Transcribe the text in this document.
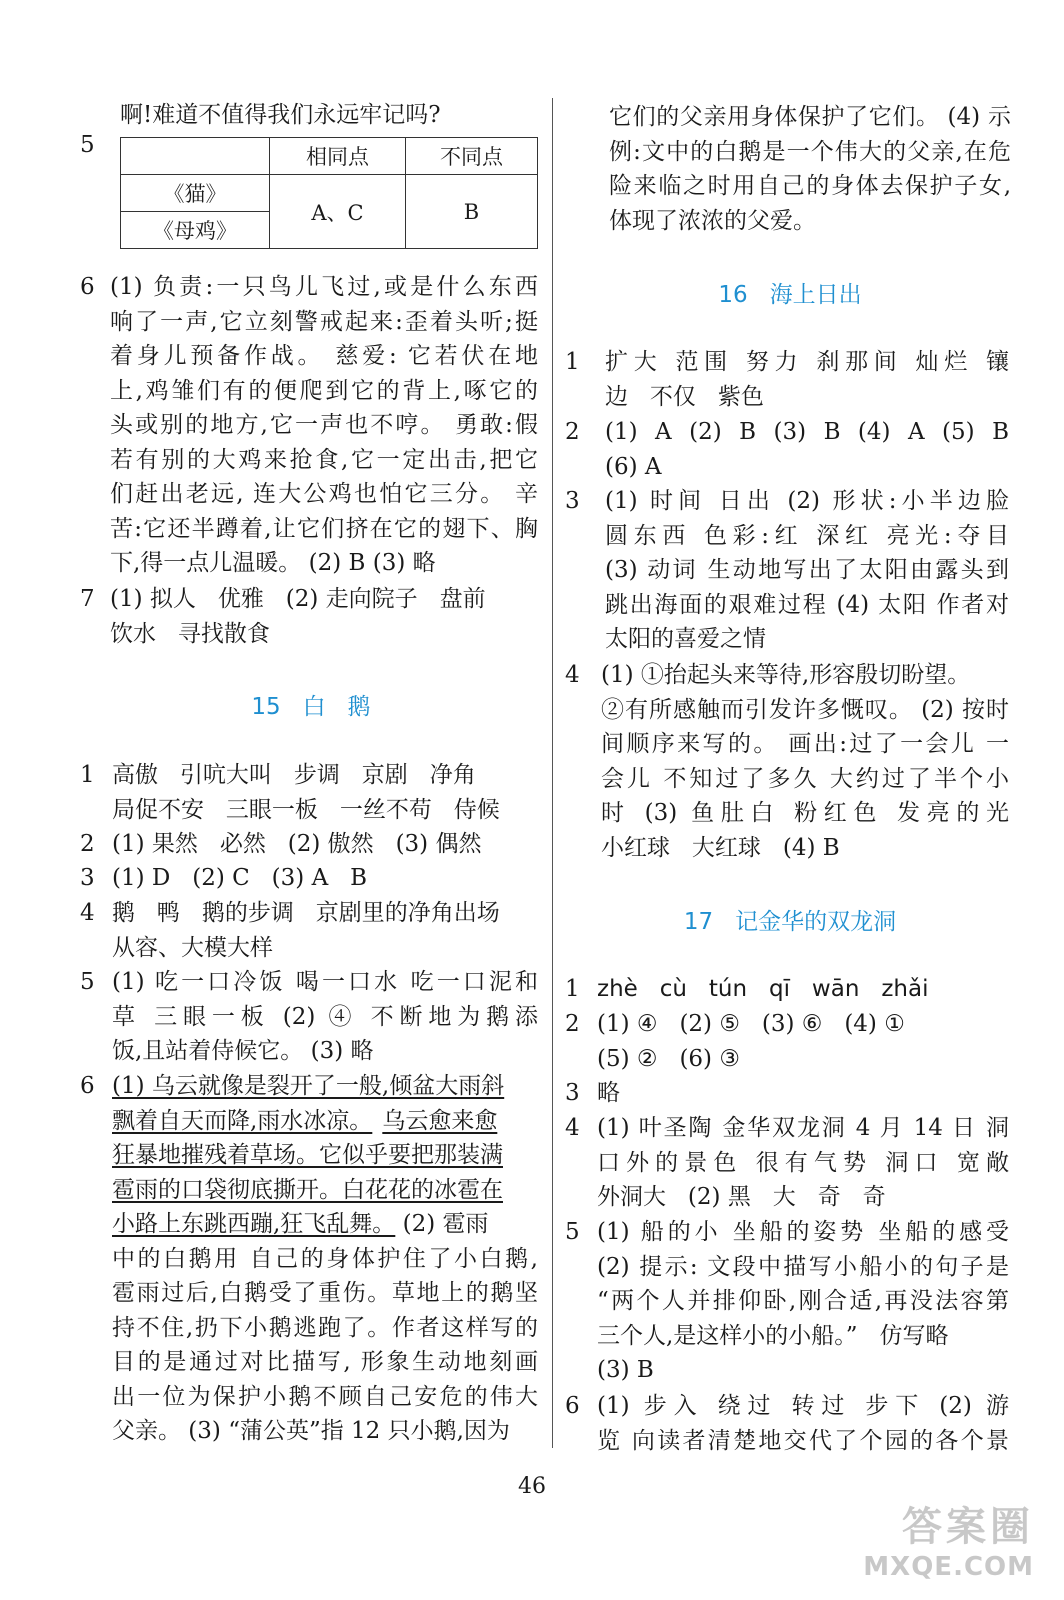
啊!难道不值得我们永远牢记吗?
5
		相同点	不同点
《猫》	A、C	B
《母鸡》		
6 (1) 负责:一只鸟儿飞过,或是什么东西
响了一声,它立刻警戒起来:歪着头听;挺
着身儿预备作战。 慈爱: 它若伏在地
上,鸡雏们有的便爬到它的背上,啄它的
头或别的地方,它一声也不哼。 勇敢:假
若有别的大鸡来抢食,它一定出击,把它
们赶出老远, 连大公鸡也怕它三分。 辛
苦:它还半蹲着,让它们挤在它的翅下、胸
下,得一点儿温暖。 (2) B (3) 略
7 (1) 拟人   优雅   (2) 走向院子   盘前
饮水   寻找散食
15   白   鹅
1 高傲   引吭大叫   步调   京剧   净角
局促不安   三眼一板   一丝不苟   侍候
2 (1) 果然   必然   (2) 傲然   (3) 偶然
3 (1) D   (2) C   (3) A   B
4 鹅   鸭   鹅的步调   京剧里的净角出场
从容、大模大样
5 (1) 吃一口冷饭 喝一口水 吃一口泥和
草 三眼一板 (2) ④ 不断地为鹅添
饭,且站着侍候它。 (3) 略
6 (1) 乌云就像是裂开了一般,倾盆大雨斜
飘着自天而降,雨水冰凉。 乌云愈来愈
狂暴地摧残着草场。它似乎要把那装满
雹雨的口袋彻底撕开。白花花的冰雹在
小路上东跳西蹦,狂飞乱舞。 (2) 雹雨
中的白鹅用 自己的身体护住了小白鹅,
雹雨过后,白鹅受了重伤。草地上的鹅坚
持不住,扔下小鹅逃跑了。作者这样写的
目的是通过对比描写, 形象生动地刻画
出一位为保护小鹅不顾自己安危的伟大
父亲。 (3) “蒲公英”指 12 只小鹅,因为
它们的父亲用身体保护了它们。 (4) 示
例:文中的白鹅是一个伟大的父亲,在危
险来临之时用自己的身体去保护子女,
体现了浓浓的父爱。
16   海上日出
1	扩大 范围 努力 刹那间 灿烂 镶
边   不仅   紫色
2	(1) A (2) B (3) B (4) A (5) B
(6) A
3	(1) 时间 日出 (2) 形状:小半边脸
圆东西 色彩:红 深红 亮光:夺目
(3) 动词 生动地写出了太阳由露头到
跳出海面的艰难过程 (4) 太阳 作者对
太阳的喜爱之情
4 (1) ①抬起头来等待,形容殷切盼望。
②有所感触而引发许多慨叹。 (2) 按时
间顺序来写的。 画出:过了一会儿 一
会儿 不知过了多久 大约过了半个小
时 (3) 鱼肚白 粉红色 发亮的光
小红球   大红球   (4) B
17   记金华的双龙洞
1 zhè   cù   tún   qī   wān   zhǎi
2 (1) ④   (2) ⑤   (3) ⑥   (4) ①
(5) ②   (6) ③
3 略
4 (1) 叶圣陶 金华双龙洞 4 月 14 日 洞
口外的景色 很有气势 洞口 宽敞
外洞大   (2) 黑   大   奇   奇
5 (1) 船的小 坐船的姿势 坐船的感受
(2) 提示: 文段中描写小船小的句子是
“两个人并排仰卧,刚合适,再没法容第
三个人,是这样小的小船。”   仿写略
(3) B
6 (1) 步入 绕过 转过 步下 (2) 游
览 向读者清楚地交代了个园的各个景
46
答案圈
MXQE.COM
